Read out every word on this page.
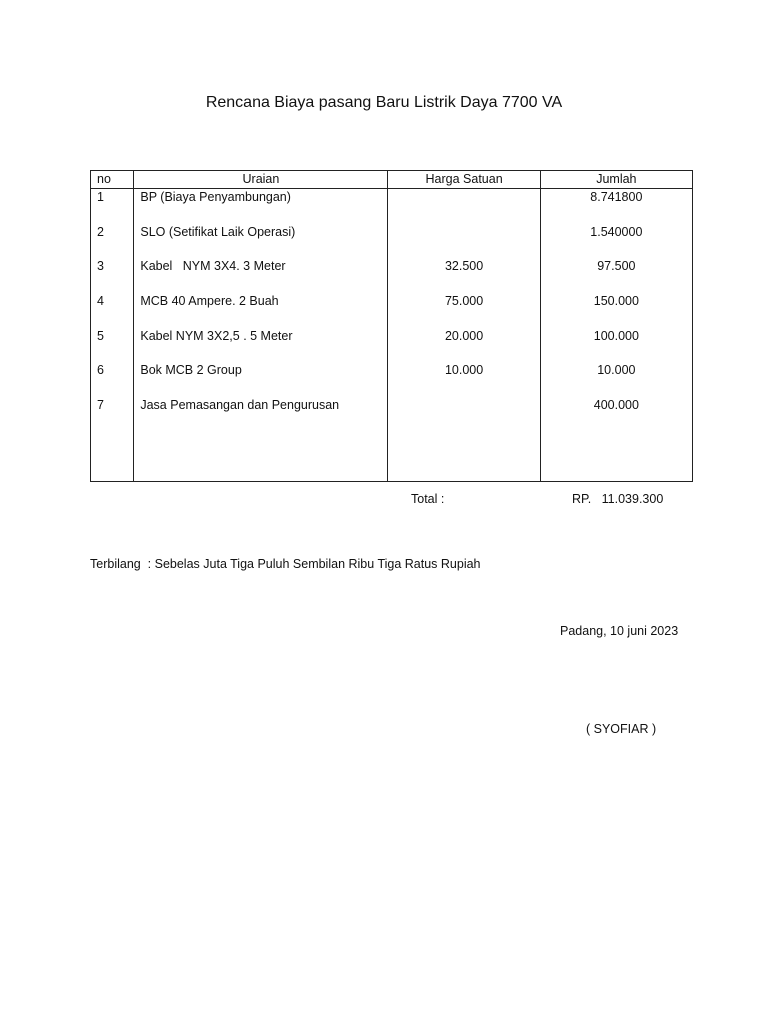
Rencana Biaya pasang Baru Listrik Daya 7700 VA
no	Uraian	Harga Satuan	Jumlah
1	BP (Biaya Penyambungan)		8.741800
2	SLO (Setifikat Laik Operasi)		1.540000
3	Kabel   NYM 3X4. 3 Meter	32.500	97.500
4	MCB 40 Ampere. 2 Buah	75.000	150.000
5	Kabel NYM 3X2,5 . 5 Meter	20.000	100.000
6	Bok MCB 2 Group	10.000	10.000
7	Jasa Pemasangan dan Pengurusan		400.000

Total :	RP.   11.039.300
Terbilang  : Sebelas Juta Tiga Puluh Sembilan Ribu Tiga Ratus Rupiah
Padang, 10 juni 2023
( SYOFIAR )
